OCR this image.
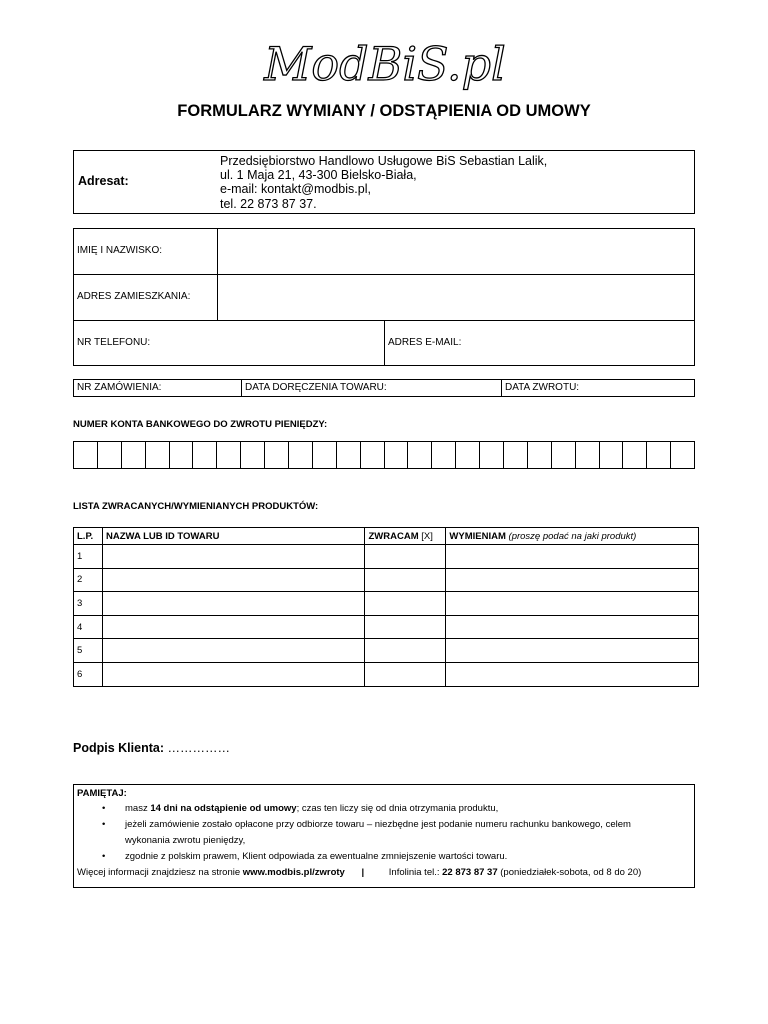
ModBiS.pl
FORMULARZ WYMIANY / ODSTĄPIENIA OD UMOWY
Adresat:
Przedsiębiorstwo Handlowo Usługowe BiS Sebastian Lalik,
ul. 1 Maja 21, 43-300 Bielsko-Biała,
e-mail: kontakt@modbis.pl,
tel. 22 873 87 37.
IMIĘ I NAZWISKO:
ADRES ZAMIESZKANIA:
NR TELEFONU:	ADRES E-MAIL:
NR ZAMÓWIENIA:	DATA DORĘCZENIA TOWARU:	DATA ZWROTU:
NUMER KONTA BANKOWEGO DO ZWROTU PIENIĘDZY:
LISTA ZWRACANYCH/WYMIENIANYCH PRODUKTÓW:
L.P.	NAZWA LUB ID TOWARU	ZWRACAM [X]	WYMIENIAM (proszę podać na jaki produkt)
1			
2			
3			
4			
5			
6			
Podpis Klienta: ……………
PAMIĘTAJ:
• masz 14 dni na odstąpienie od umowy; czas ten liczy się od dnia otrzymania produktu,
• jeżeli zamówienie zostało opłacone przy odbiorze towaru – niezbędne jest podanie numeru rachunku bankowego, celem
wykonania zwrotu pieniędzy,
• zgodnie z polskim prawem, Klient odpowiada za ewentualne zmniejszenie wartości towaru.
Więcej informacji znajdziesz na stronie www.modbis.pl/zwroty |	Infolinia tel.: 22 873 87 37 (poniedziałek-sobota, od 8 do 20)
